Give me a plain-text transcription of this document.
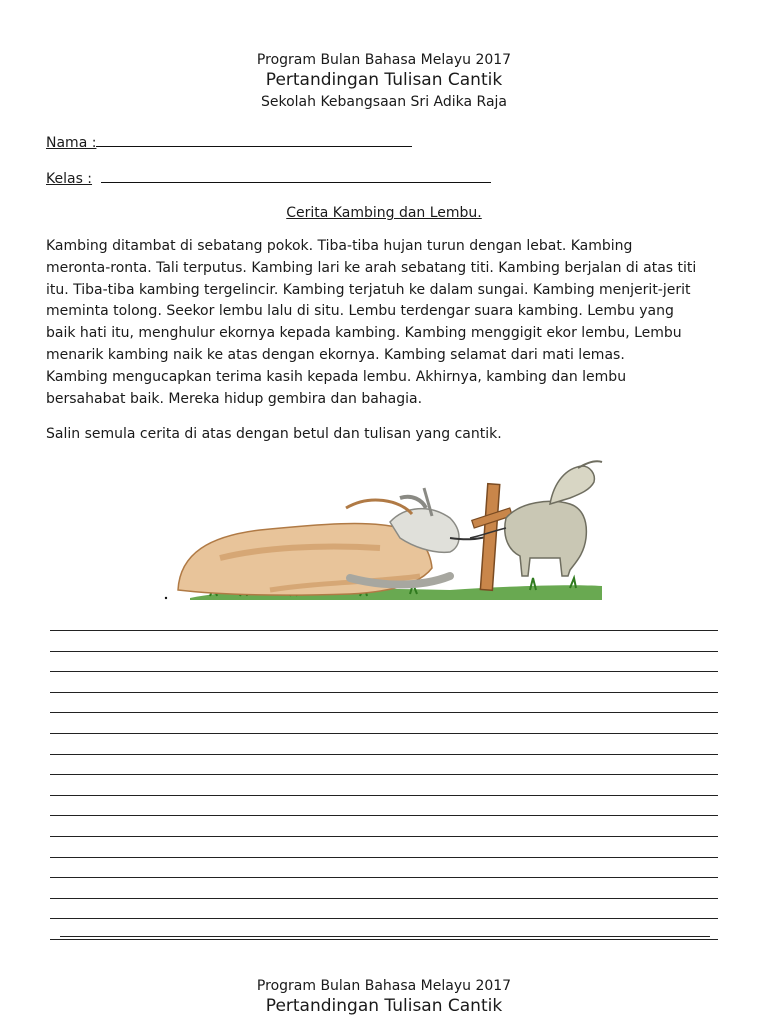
Program Bulan Bahasa Melayu 2017
Pertandingan Tulisan Cantik
Sekolah Kebangsaan Sri Adika Raja
Nama :
Kelas :
Cerita Kambing dan Lembu.
Kambing ditambat di sebatang pokok. Tiba-tiba hujan turun dengan lebat. Kambing
meronta-ronta. Tali terputus. Kambing lari ke arah sebatang titi. Kambing berjalan di atas titi
itu. Tiba-tiba kambing tergelincir. Kambing terjatuh ke dalam sungai. Kambing menjerit-jerit
meminta tolong. Seekor lembu lalu di situ. Lembu terdengar suara kambing. Lembu yang
baik hati itu, menghulur ekornya kepada kambing. Kambing menggigit ekor lembu, Lembu
menarik kambing naik ke atas dengan ekornya. Kambing selamat dari mati lemas.
Kambing mengucapkan terima kasih kepada lembu. Akhirnya, kambing dan lembu
bersahabat baik. Mereka hidup gembira dan bahagia.
Salin semula cerita di atas dengan betul dan tulisan yang cantik.
Program Bulan Bahasa Melayu 2017
Pertandingan Tulisan Cantik
